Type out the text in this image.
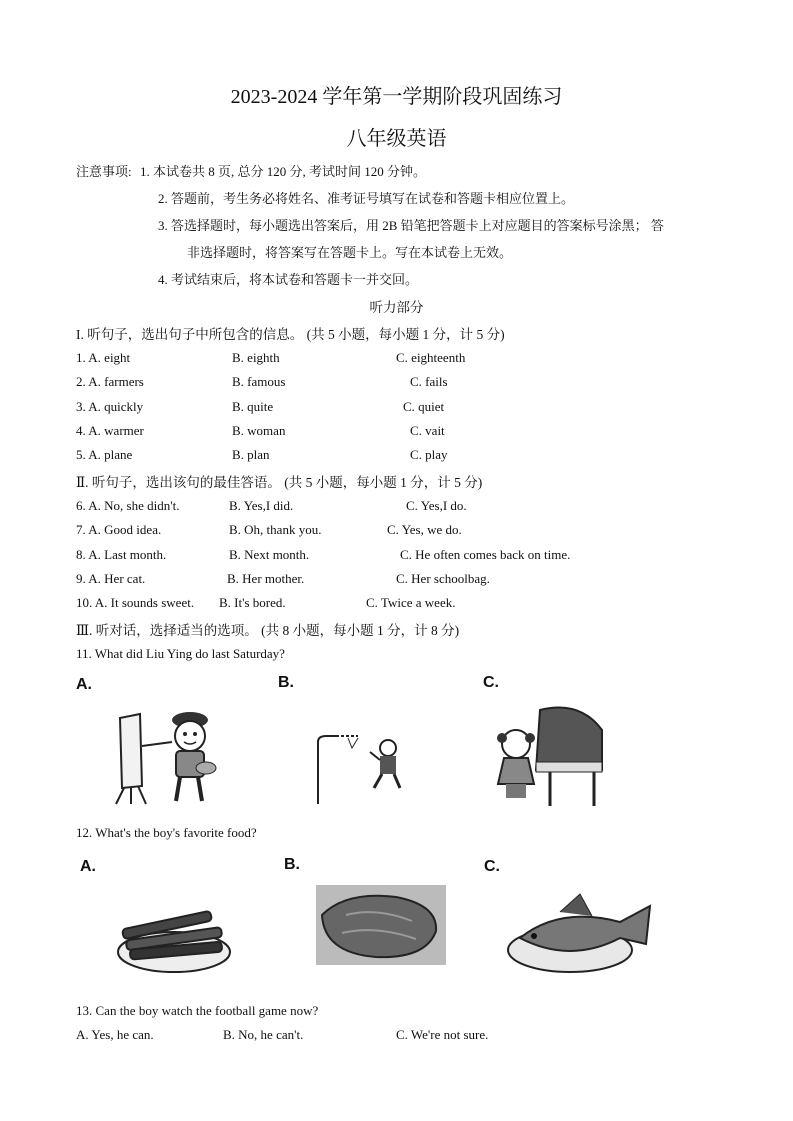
2023-2024 学年第一学期阶段巩固练习
八年级英语
注意事项: 1. 本试卷共 8 页, 总分 120 分, 考试时间 120 分钟。
2. 答题前，考生务必将姓名、准考证号填写在试卷和答题卡相应位置上。
3. 答选择题时，每小题选出答案后，用 2B 铅笔把答题卡上对应题目的答案标号涂黑； 答
非选择题时，将答案写在答题卡上。写在本试卷上无效。
4. 考试结束后，将本试卷和答题卡一并交回。
听力部分
I. 听句子，选出句子中所包含的信息。 (共 5 小题，每小题 1 分，计 5 分)
1. A. eight	B. eighth	C. eighteenth
2. A. farmers	B. famous	C. fails
3. A. quickly	B. quite	C. quiet
4. A. warmer	B. woman	C. vait
5. A. plane	B. plan	C. play
Ⅱ. 听句子，选出该句的最佳答语。 (共 5 小题，每小题 1 分，计 5 分)
6. A. No, she didn't.	B. Yes,I did.	C. Yes,I do.
7. A. Good idea.	B. Oh, thank you.	C. Yes, we do.
8. A. Last month.	B. Next month.	C. He often comes back on time.
9. A. Her cat.	B. Her mother.	C. Her schoolbag.
10. A. It sounds sweet. B. It's bored.	C. Twice a week.
Ⅲ. 听对话，选择适当的选项。 (共 8 小题，每小题 1 分，计 8 分)
11. What did Liu Ying do last Saturday?
A.	B.	C.
12. What's the boy's favorite food?
A.	B.	C.
13. Can the boy watch the football game now?
A. Yes, he can.	B. No, he can't.	C. We're not sure.
